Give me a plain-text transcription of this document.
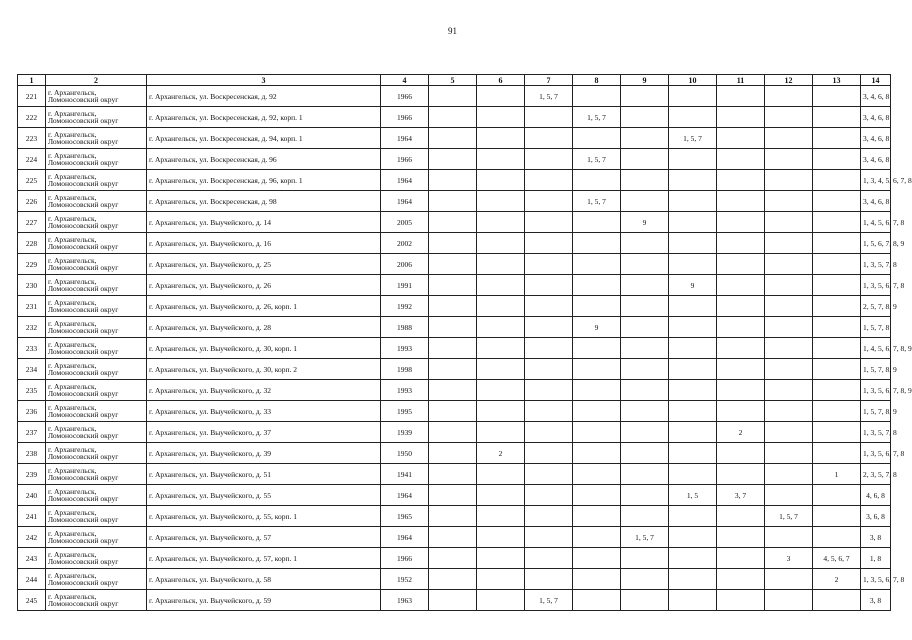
91
1	2	3	4	5	6	7	8	9	10	11	12	13	14
221	г. Архангельск,
Ломоносовский округ	г. Архангельск, ул. Воскресенская, д. 92	1966			1, 5, 7							3, 4, 6, 8
222	г. Архангельск,
Ломоносовский округ	г. Архангельск, ул. Воскресенская, д. 92, корп. 1	1966				1, 5, 7						3, 4, 6, 8
223	г. Архангельск,
Ломоносовский округ	г. Архангельск, ул. Воскресенская, д. 94, корп. 1	1964						1, 5, 7				3, 4, 6, 8
224	г. Архангельск,
Ломоносовский округ	г. Архангельск, ул. Воскресенская, д. 96	1966				1, 5, 7						3, 4, 6, 8
225	г. Архангельск,
Ломоносовский округ	г. Архангельск, ул. Воскресенская, д. 96, корп. 1	1964										1, 3, 4, 5, 6, 7, 8
226	г. Архангельск,
Ломоносовский округ	г. Архангельск, ул. Воскресенская, д. 98	1964				1, 5, 7						3, 4, 6, 8
227	г. Архангельск,
Ломоносовский округ	г. Архангельск, ул. Выучейского, д. 14	2005					9					1, 4, 5, 6, 7, 8
228	г. Архангельск,
Ломоносовский округ	г. Архангельск, ул. Выучейского, д. 16	2002										1, 5, 6, 7, 8, 9
229	г. Архангельск,
Ломоносовский округ	г. Архангельск, ул. Выучейского, д. 25	2006										1, 3, 5, 7, 8
230	г. Архангельск,
Ломоносовский округ	г. Архангельск, ул. Выучейского, д. 26	1991						9				1, 3, 5, 6, 7, 8
231	г. Архангельск,
Ломоносовский округ	г. Архангельск, ул. Выучейского, д. 26, корп. 1	1992										2, 5, 7, 8, 9
232	г. Архангельск,
Ломоносовский округ	г. Архангельск, ул. Выучейского, д. 28	1988				9						1, 5, 7, 8
233	г. Архангельск,
Ломоносовский округ	г. Архангельск, ул. Выучейского, д. 30, корп. 1	1993										1, 4, 5, 6, 7, 8, 9
234	г. Архангельск,
Ломоносовский округ	г. Архангельск, ул. Выучейского, д. 30, корп. 2	1998										1, 5, 7, 8, 9
235	г. Архангельск,
Ломоносовский округ	г. Архангельск, ул. Выучейского, д. 32	1993										1, 3, 5, 6, 7, 8, 9
236	г. Архангельск,
Ломоносовский округ	г. Архангельск, ул. Выучейского, д. 33	1995										1, 5, 7, 8, 9
237	г. Архангельск,
Ломоносовский округ	г. Архангельск, ул. Выучейского, д. 37	1939							2			1, 3, 5, 7, 8
238	г. Архангельск,
Ломоносовский округ	г. Архангельск, ул. Выучейского, д. 39	1950		2								1, 3, 5, 6, 7, 8
239	г. Архангельск,
Ломоносовский округ	г. Архангельск, ул. Выучейского, д. 51	1941									1	2, 3, 5, 7, 8
240	г. Архангельск,
Ломоносовский округ	г. Архангельск, ул. Выучейского, д. 55	1964						1, 5	3, 7			4, 6, 8
241	г. Архангельск,
Ломоносовский округ	г. Архангельск, ул. Выучейского, д. 55, корп. 1	1965								1, 5, 7		3, 6, 8
242	г. Архангельск,
Ломоносовский округ	г. Архангельск, ул. Выучейского, д. 57	1964					1, 5, 7					3, 8
243	г. Архангельск,
Ломоносовский округ	г. Архангельск, ул. Выучейского, д. 57, корп. 1	1966								3	4, 5, 6, 7	1, 8
244	г. Архангельск,
Ломоносовский округ	г. Архангельск, ул. Выучейского, д. 58	1952									2	1, 3, 5, 6, 7, 8
245	г. Архангельск,
Ломоносовский округ	г. Архангельск, ул. Выучейского, д. 59	1963			1, 5, 7							3, 8
